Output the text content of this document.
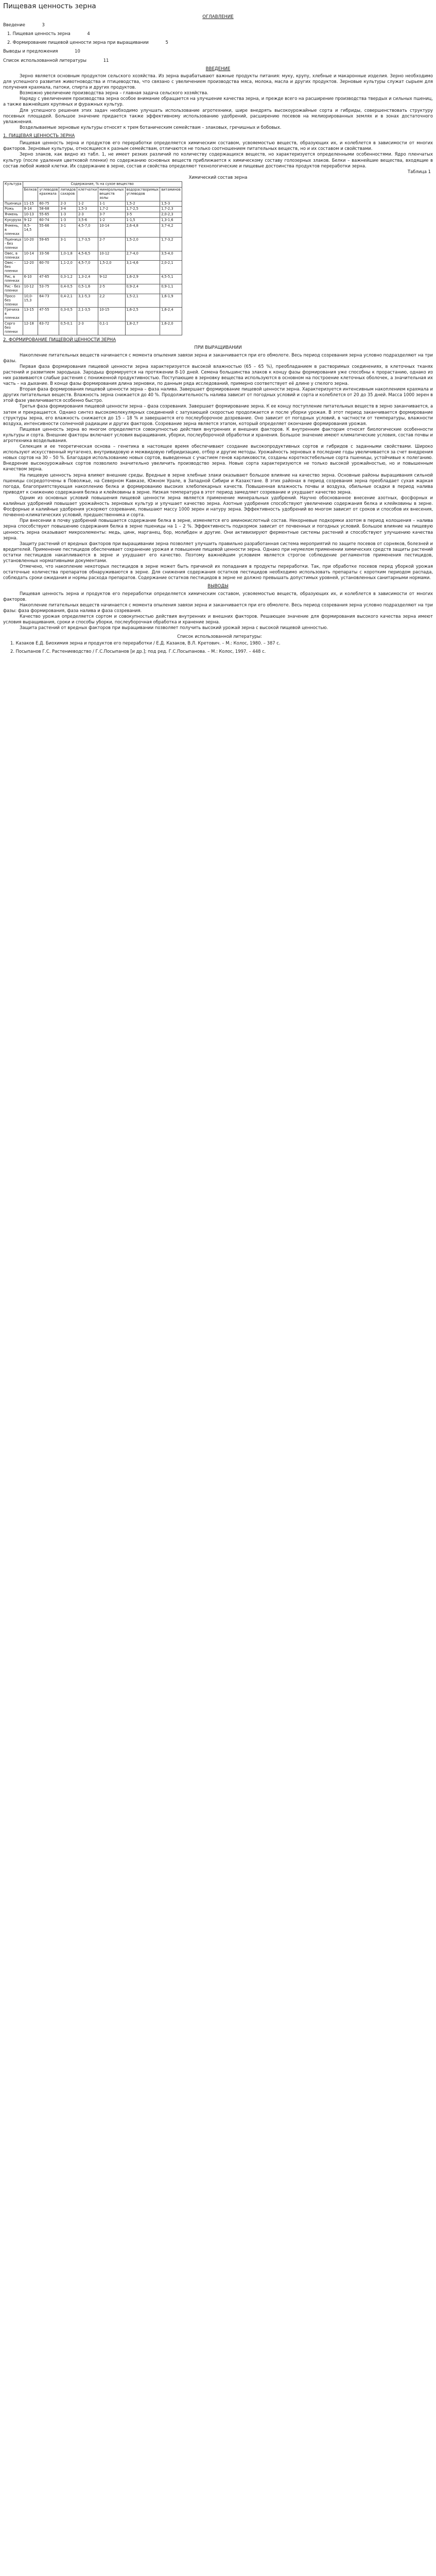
Пищевая ценность зерна
ОГЛАВЛЕНИЕ
Введение	3
1. Пищевая ценность зерна	4
2. Формирование пищевой ценности зерна при выращивании	5
Выводы и предложения	10
Список использованной литературы	11
ВВЕДЕНИЕ

Зерно является основным продуктом сельского хозяйства. Из зерна вырабатывают важные продукты питания: муку, крупу, хлебные и макаронные изделия. Зерно необходимо для успешного развития животноводства и птицеводства, что связано с увеличением производства мяса, молока, масла и других продуктов. Зерновые культуры служат сырьем для получения крахмала, патоки, спирта и других продуктов.

Возможно увеличение производства зерна – главная задача сельского хозяйства.

Наряду с увеличением производства зерна особое внимание обращается на улучшение качества зерна, и прежде всего на расширение производства твердых и сильных пшениц, а также важнейших крупяных и фуражных культур.

Для успешного решения этих задач необходимо улучшать использование агротехники, шире внедрять высокоурожайные сорта и гибриды, совершенствовать структуру посевных площадей. Большое значение придается также эффективному использованию удобрений, расширению посевов на мелиорированных землях и в зонах достаточного увлажнения.

Возделываемые зерновые культуры относят к трем ботаническим семействам – злаковых, гречишных и бобовых.

1. ПИЩЕВАЯ ЦЕННОСТЬ ЗЕРНА

Пищевая ценность зерна и продуктов его переработки определяется химическим составом, усвояемостью веществ, образующих их, и колеблется в зависимости от многих факторов. Зерновые культуры, относящиеся к разным семействам, отличаются не только соотношением питательных веществ, но и их составом и свойствами.

Зерно злаков, как видно из табл. 1, не имеет резких различий по количеству содержащихся веществ, но характеризуется определенными особенностями. Ядро пленчатых культур (после удаления цветковой пленки) по содержанию основных веществ приближается к химическому составу голозерных злаков. Белки – важнейшие вещества, входящие в состав любой живой клетки. Их содержание в зерне, состав и свойства определяют технологические и пищевые достоинства продуктов переработки зерна.

Таблица 1
Химический состав зерна
Культура	Содержание, % на сухое вещество						
	Белков	углеводов крахмала	липидов сахаров	клетчатки	минеральных веществ золы	водорастворимых углеводов	витаминов
Пшеница	11-15	60-75	2-3	1-2	1-1	1,5-2	1,5-3
Рожь	8-14	58-68	3-4	1,5-3	1,7-2	1,7-2,5	1,7-2,3
Ячмень	10-13	55-65	1-3	2-3	3-7	3-5	2,0-2,3
Кукуруза	9-12	60-74	1-3	3,5-6	1-2	1-1,5	1,3-1,6
Ячмень, в пленках	8,5-14,5	55-66	3-1	4,5-7,0	10-14	2,6-4,8	3,7-4,2
Пшеница - без пленки	10-20	59-65	3-1	1,7-3,5	2-7	1,5-2,0	1,7-3,2
Овес, в пленках	10-14	33-56	1,0-1,8	4,5-6,5	10-12	2,7-4,0	3,5-4,0
Овес - без пленки	12-20	60-70	1,1-2,0	4,5-7,0	1,5-2,0	3,1-4,6	2,0-2,1
Рис, в пленках	6-10	47-65	0,3-1,2	1,3-2,4	9-12	1,6-2,9	4,5-5,1
Рис - без пленки	10-12	53-75	0,4-0,5	0,5-1,6	2-5	0,9-2,4	0,9-1,1
Просо без пленки	10,0-15,3	64-73	0,4-2,1	3,1-5,3	2,2	1,5-2,1	1,6-1,9
Гречиха в пленках	13-15	47-55	0,3-0,5	2,1-3,5	10-15	1,6-2,5	1,6-2,4
Сорго без пленки	12-18	63-72	0,5-0,1	2-3	0,1-1	1,8-2,7	1,6-2,0
2. ФОРМИРОВАНИЕ ПИЩЕВОЙ ЦЕННОСТИ ЗЕРНА
ПРИ ВЫРАЩИВАНИИ

Накопление питательных веществ начинается с момента опыления завязи зерна и заканчивается при его обмолоте. Весь период созревания зерна условно подразделяют на три фазы.

Первая фаза формирования пищевой ценности зерна характеризуется высокой влажностью (65 – 65 %), преобладанием в растворимых соединениях, в клеточных тканях растений и развитием зародыша. Зародыш формируется на протяжении 8-10 дней. Семена большинства злаков к концу фазы формирования уже способны к прорастанию, однако из них развиваются слабые растения с пониженной продуктивностью. Поступающие в зерновку вещества используются в основном на построение клеточных оболочек, а значительная их часть – на дыхание. В конце фазы формирования длина зерновки, по данным ряда исследований, примерно соответствует её длине у спелого зерна.

Вторая фаза формирования пищевой ценности зерна – фаза налива. Завершает формирование пищевой ценности зерна. Характеризуется интенсивным накоплением крахмала и других питательных веществ. Влажность зерна снижается до 40 %. Продолжительность налива зависит от погодных условий и сорта и колеблется от 20 до 35 дней. Масса 1000 зерен в этой фазе увеличивается особенно быстро.

Третья фаза формирования пищевой ценности зерна – фаза созревания. Завершает формирование зерна. К ее концу поступление питательных веществ в зерно заканчивается, а затем и прекращается. Однако синтез высокомолекулярных соединений с затухающей скоростью продолжается и после уборки урожая. В этот период заканчивается формирование структуры зерна, его влажность снижается до 15 – 18 % и завершается его послеуборочное дозревание. Оно зависит от погодных условий, в частности от температуры, влажности воздуха, интенсивности солнечной радиации и других факторов. Созревание зерна является этапом, который определяет окончание формирования урожая.

Пищевая ценность зерна во многом определяется совокупностью действия внутренних и внешних факторов. К внутренним факторам относят биологические особенности культуры и сорта. Внешние факторы включают условия выращивания, уборки, послеуборочной обработки и хранения. Большое значение имеют климатические условия, состав почвы и агротехника возделывания.

Селекция и ее теоретическая основа – генетика в настоящее время обеспечивают создание высокопродуктивных сортов и гибридов с заданными свойствами. Широко используют искусственный мутагенез, внутривидовую и межвидовую гибридизацию, отбор и другие методы. Урожайность зерновых в последние годы увеличивается за счет внедрения новых сортов на 30 – 50 %. Благодаря использованию новых сортов, выведенных с участием генов карликовости, созданы короткостебельные сорта пшеницы, устойчивые к полеганию. Внедрение высокоурожайных сортов позволило значительно увеличить производство зерна. Новые сорта характеризуются не только высокой урожайностью, но и повышенным качеством зерна.

На пищевую ценность зерна влияют внешние среды. Вредные в зерне хлебные злаки оказывают большое влияние на качество зерна. Основные районы выращивания сильной пшеницы сосредоточены в Поволжье, на Северном Кавказе, Южном Урале, в Западной Сибири и Казахстане. В этих районах в период созревания зерна преобладает сухая жаркая погода, благоприятствующая накоплению белка и формированию высоких хлебопекарных качеств. Повышенная влажность почвы и воздуха, обильные осадки в период налива приводят к снижению содержания белка и клейковины в зерне. Низкая температура в этот период замедляет созревание и ухудшает качество зерна.

Одним из основных условий повышения пищевой ценности зерна является применение минеральных удобрений. Научно обоснованное внесение азотных, фосфорных и калийных удобрений повышает урожайность зерновых культур и улучшает качество зерна. Азотные удобрения способствуют увеличению содержания белка и клейковины в зерне. Фосфорные и калийные удобрения ускоряют созревание, повышают массу 1000 зерен и натуру зерна. Эффективность удобрений во многом зависит от сроков и способов их внесения, почвенно-климатических условий, предшественника и сорта.

При внесении в почву удобрений повышается содержание белка в зерне, изменяется его аминокислотный состав. Некорневые подкормки азотом в период колошения – налива зерна способствуют повышению содержания белка в зерне пшеницы на 1 – 2 %. Эффективность подкормок зависит от почвенных и погодных условий. Большое влияние на пищевую ценность зерна оказывают микроэлементы: медь, цинк, марганец, бор, молибден и другие. Они активизируют ферментные системы растений и способствуют улучшению качества зерна.

Защиту растений от вредных факторов при выращивании зерна позволяет улучшить правильно разработанная система мероприятий по защите посевов от сорняков, болезней и вредителей. Применение пестицидов обеспечивает сохранение урожая и повышение пищевой ценности зерна. Однако при неумелом применении химических средств защиты растений остатки пестицидов накапливаются в зерне и ухудшают его качество. Поэтому важнейшим условием является строгое соблюдение регламентов применения пестицидов, установленных нормативными документами.

Отмечено, что накопление некоторых пестицидов в зерне может быть причиной их попадания в продукты переработки. Так, при обработке посевов перед уборкой урожая остаточные количества препаратов обнаруживаются в зерне. Для снижения содержания остатков пестицидов необходимо использовать препараты с коротким периодом распада, соблюдать сроки ожидания и нормы расхода препаратов. Содержание остатков пестицидов в зерне не должно превышать допустимых уровней, установленных санитарными нормами.

ВЫВОДЫ

Пищевая ценность зерна и продуктов его переработки определяется химическим составом, усвояемостью веществ, образующих их, и колеблется в зависимости от многих факторов.

Накопление питательных веществ начинается с момента опыления завязи зерна и заканчивается при его обмолоте. Весь период созревания зерна условно подразделяют на три фазы: фаза формирования, фаза налива и фаза созревания.

Качество урожая определяется сортом и совокупностью действия внутренних и внешних факторов. Решающее значение для формирования высокого качества зерна имеют условия выращивания, сроки и способы уборки, послеуборочная обработка и хранение зерна.

Защита растений от вредных факторов при выращивании позволяет получить высокий урожай зерна с высокой пищевой ценностью.

Список использованной литературы:
1. Казаков Е.Д. Биохимия зерна и продуктов его переработки / Е.Д. Казаков, В.Л. Кретович. – М.: Колос, 1980. – 387 с.
2. Посыпанов Г.С. Растениеводство / Г.С.Посыпанов [и др.]; под ред. Г.С.Посыпанова. – М.: Колос, 1997. – 448 с.
